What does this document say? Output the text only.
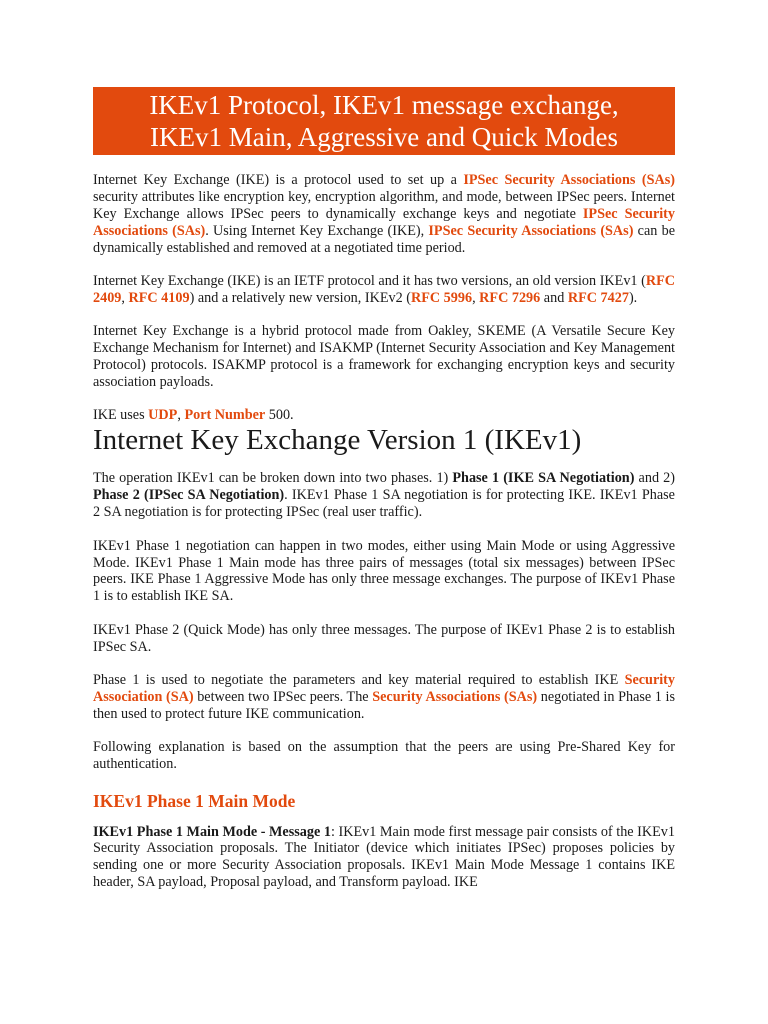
IKEv1 Protocol, IKEv1 message exchange,
IKEv1 Main, Aggressive and Quick Modes

Internet Key Exchange (IKE) is a protocol used to set up a IPSec Security Associations (SAs) security attributes like encryption key, encryption algorithm, and mode, between IPSec peers. Internet Key Exchange allows IPSec peers to dynamically exchange keys and negotiate IPSec Security Associations (SAs). Using Internet Key Exchange (IKE), IPSec Security Associations (SAs) can be dynamically established and removed at a negotiated time period.

Internet Key Exchange (IKE) is an IETF protocol and it has two versions, an old version IKEv1 (RFC 2409, RFC 4109) and a relatively new version, IKEv2 (RFC 5996, RFC 7296 and RFC 7427).

Internet Key Exchange is a hybrid protocol made from Oakley, SKEME (A Versatile Secure Key Exchange Mechanism for Internet) and ISAKMP (Internet Security Association and Key Management Protocol) protocols. ISAKMP protocol is a framework for exchanging encryption keys and security association payloads.

IKE uses UDP, Port Number 500.

Internet Key Exchange Version 1 (IKEv1)

The operation IKEv1 can be broken down into two phases. 1) Phase 1 (IKE SA Negotiation) and 2) Phase 2 (IPSec SA Negotiation). IKEv1 Phase 1 SA negotiation is for protecting IKE. IKEv1 Phase 2 SA negotiation is for protecting IPSec (real user traffic).

IKEv1 Phase 1 negotiation can happen in two modes, either using Main Mode or using Aggressive Mode. IKEv1 Phase 1 Main mode has three pairs of messages (total six messages) between IPSec peers. IKE Phase 1 Aggressive Mode has only three message exchanges. The purpose of IKEv1 Phase 1 is to establish IKE SA.

IKEv1 Phase 2 (Quick Mode) has only three messages. The purpose of IKEv1 Phase 2 is to establish IPSec SA.

Phase 1 is used to negotiate the parameters and key material required to establish IKE Security Association (SA) between two IPSec peers. The Security Associations (SAs) negotiated in Phase 1 is then used to protect future IKE communication.

Following explanation is based on the assumption that the peers are using Pre-Shared Key for authentication.

IKEv1 Phase 1 Main Mode

IKEv1 Phase 1 Main Mode - Message 1: IKEv1 Main mode first message pair consists of the IKEv1 Security Association proposals. The Initiator (device which initiates IPSec) proposes policies by sending one or more Security Association proposals. IKEv1 Main Mode Message 1 contains IKE header, SA payload, Proposal payload, and Transform payload. IKE
